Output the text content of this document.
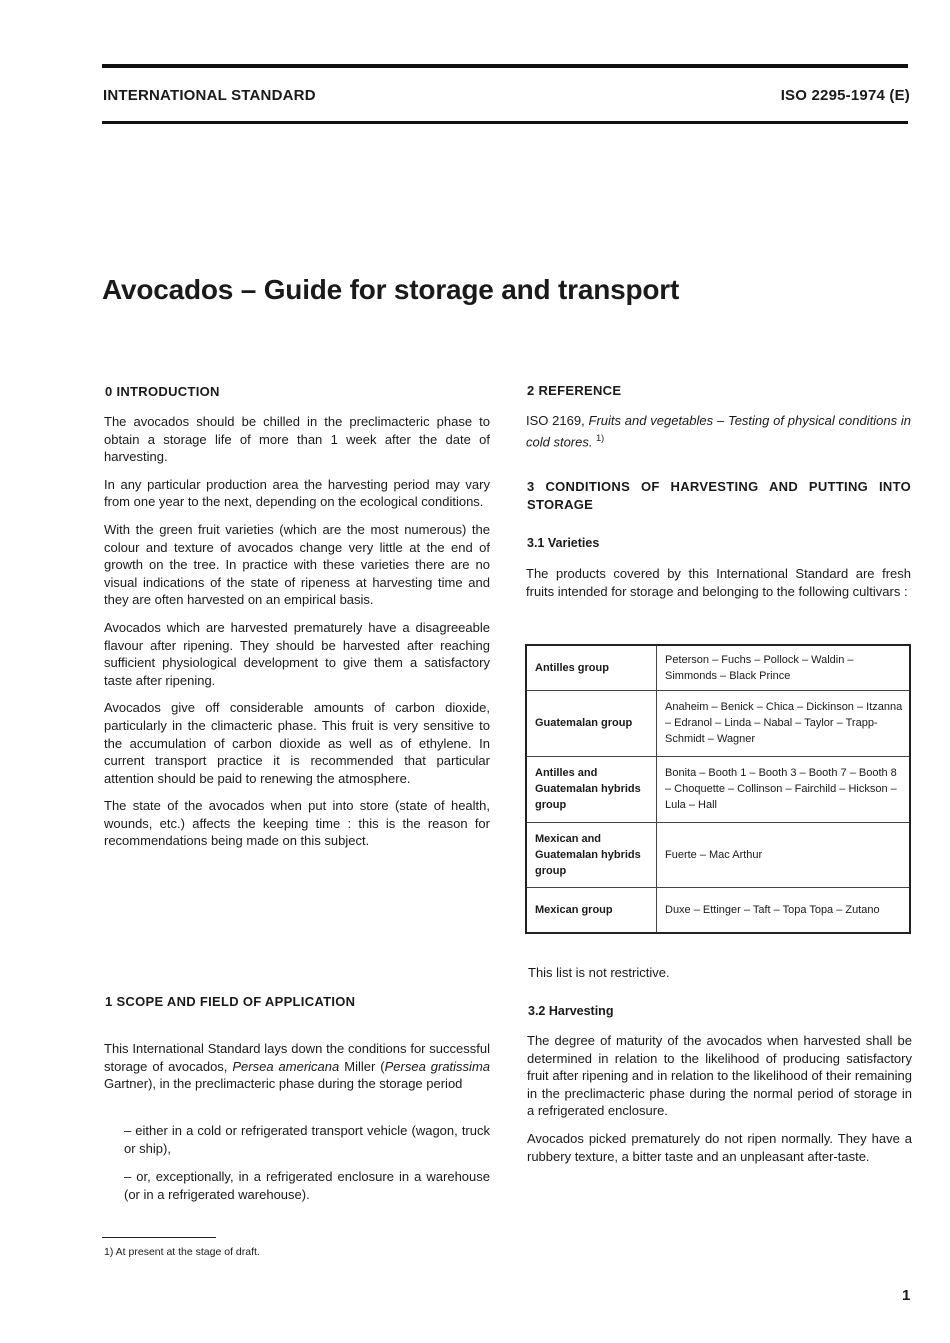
INTERNATIONAL STANDARD	ISO 2295-1974 (E)
Avocados – Guide for storage and transport
0 INTRODUCTION

The avocados should be chilled in the preclimacteric phase to obtain a storage life of more than 1 week after the date of harvesting.

In any particular production area the harvesting period may vary from one year to the next, depending on the ecological conditions.

With the green fruit varieties (which are the most numerous) the colour and texture of avocados change very little at the end of growth on the tree. In practice with these varieties there are no visual indications of the state of ripeness at harvesting time and they are often harvested on an empirical basis.

Avocados which are harvested prematurely have a disagreeable flavour after ripening. They should be harvested after reaching sufficient physiological development to give them a satisfactory taste after ripening.

Avocados give off considerable amounts of carbon dioxide, particularly in the climacteric phase. This fruit is very sensitive to the accumulation of carbon dioxide as well as of ethylene. In current transport practice it is recommended that particular attention should be paid to renewing the atmosphere.

The state of the avocados when put into store (state of health, wounds, etc.) affects the keeping time : this is the reason for recommendations being made on this subject.

1 SCOPE AND FIELD OF APPLICATION

This International Standard lays down the conditions for successful storage of avocados, Persea americana Miller (Persea gratissima Gartner), in the preclimacteric phase during the storage period

– either in a cold or refrigerated transport vehicle (wagon, truck or ship),
– or, exceptionally, in a refrigerated enclosure in a warehouse (or in a refrigerated warehouse).
2 REFERENCE

ISO 2169, Fruits and vegetables – Testing of physical conditions in cold stores. $^{1)}$

3 CONDITIONS OF HARVESTING AND PUTTING INTO STORAGE
3.1 Varieties

The products covered by this International Standard are fresh fruits intended for storage and belonging to the following cultivars :

Antilles group	Peterson – Fuchs – Pollock – Waldin – Simmonds – Black Prince
Guatemalan group	Anaheim – Benick – Chica – Dickinson – Itzanna – Edranol – Linda – Nabal – Taylor – Trapp-Schmidt – Wagner
Antilles and Guatemalan hybrids group	Bonita – Booth 1 – Booth 3 – Booth 7 – Booth 8 – Choquette – Collinson – Fairchild – Hickson – Lula – Hall
Mexican and Guatemalan hybrids group	Fuerte – Mac Arthur
Mexican group	Duxe – Ettinger – Taft – Topa Topa – Zutano
This list is not restrictive.
3.2 Harvesting

The degree of maturity of the avocados when harvested shall be determined in relation to the likelihood of producing satisfactory fruit after ripening and in relation to the likelihood of their remaining in the preclimacteric phase during the normal period of storage in a refrigerated enclosure.

Avocados picked prematurely do not ripen normally. They have a rubbery texture, a bitter taste and an unpleasant after-taste.

1) At present at the stage of draft.
1
